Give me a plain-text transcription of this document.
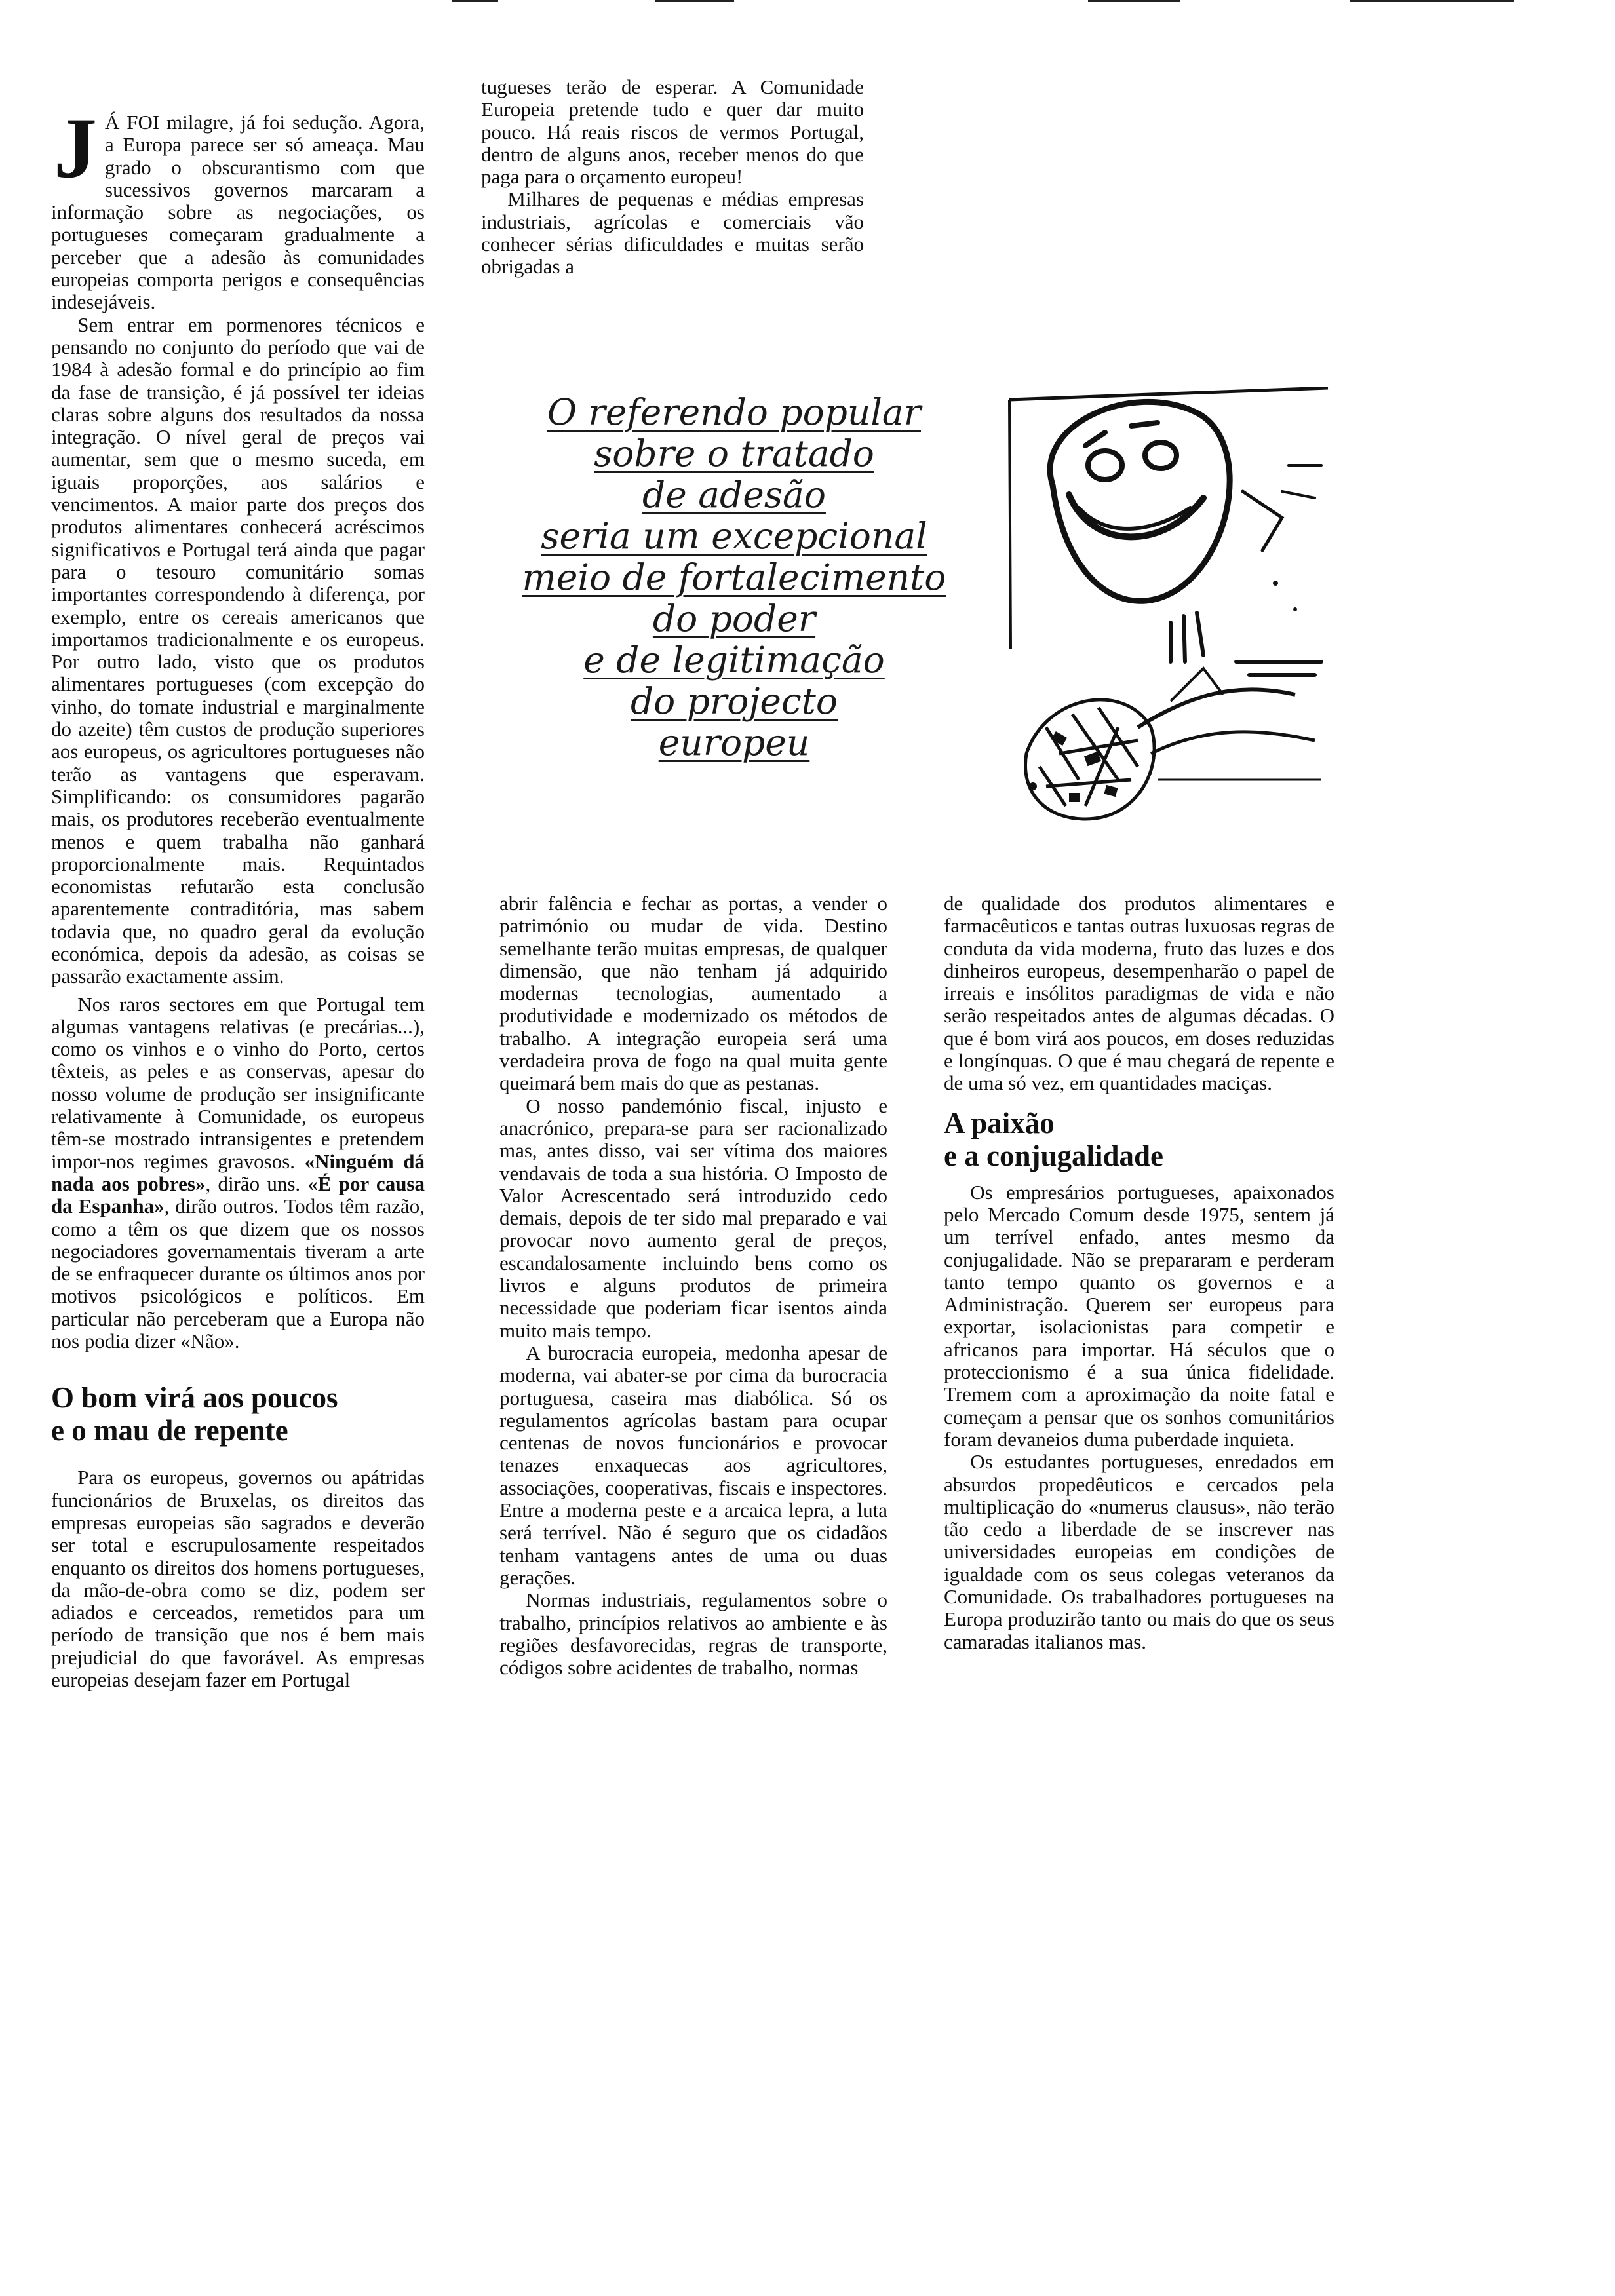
J Á FOI milagre, já foi sedução. Agora, a Europa parece ser só ameaça. Mau grado o obscurantismo com que sucessivos governos marcaram a informação sobre as negociações, os portugueses começaram gradualmente a perceber que a adesão às comunidades europeias comporta perigos e consequências indesejáveis.

Sem entrar em pormenores técnicos e pensando no conjunto do período que vai de 1984 à adesão formal e do princípio ao fim da fase de transição, é já possível ter ideias claras sobre alguns dos resultados da nossa integração. O nível geral de preços vai aumentar, sem que o mesmo suceda, em iguais proporções, aos salários e vencimentos. A maior parte dos preços dos produtos alimentares conhecerá acréscimos significativos e Portugal terá ainda que pagar para o tesouro comunitário somas importantes correspondendo à diferença, por exemplo, entre os cereais americanos que importamos tradicionalmente e os europeus. Por outro lado, visto que os produtos alimentares portugueses (com excepção do vinho, do tomate industrial e marginalmente do azeite) têm custos de produção superiores aos europeus, os agricultores portugueses não terão as vantagens que esperavam. Simplificando: os consumidores pagarão mais, os produtores receberão eventualmente menos e quem trabalha não ganhará proporcionalmente mais. Requintados economistas refutarão esta conclusão aparentemente contraditória, mas sabem todavia que, no quadro geral da evolução económica, depois da adesão, as coisas se passarão exactamente assim.

Nos raros sectores em que Portugal tem algumas vantagens relativas (e precárias...), como os vinhos e o vinho do Porto, certos têxteis, as peles e as conservas, apesar do nosso volume de produção ser insignificante relativamente à Comunidade, os europeus têm-se mostrado intransigentes e pretendem impor-nos regimes gravosos. «Ninguém dá nada aos pobres», dirão uns. «É por causa da Espanha», dirão outros. Todos têm razão, como a têm os que dizem que os nossos negociadores governamentais tiveram a arte de se enfraquecer durante os últimos anos por motivos psicológicos e políticos. Em particular não perceberam que a Europa não nos podia dizer «Não».

O bom virá aos poucos
e o mau de repente

Para os europeus, governos ou apátridas funcionários de Bruxelas, os direitos das empresas europeias são sagrados e deverão ser total e escrupulosamente respeitados enquanto os direitos dos homens portugueses, da mão-de-obra como se diz, podem ser adiados e cerceados, remetidos para um período de transição que nos é bem mais prejudicial do que favorável. As empresas europeias desejam fazer em Portugal

tugueses terão de esperar. A Comunidade Europeia pretende tudo e quer dar muito pouco. Há reais riscos de vermos Portugal, dentro de alguns anos, receber menos do que paga para o orçamento europeu!

Milhares de pequenas e médias empresas industriais, agrícolas e comerciais vão conhecer sérias dificuldades e muitas serão obrigadas a

O referendo popular
sobre o tratado
de adesão
seria um excepcional
meio de fortalecimento
do poder
e de legitimação
do projecto
europeu

abrir falência e fechar as portas, a vender o património ou mudar de vida. Destino semelhante terão muitas empresas, de qualquer dimensão, que não tenham já adquirido modernas tecnologias, aumentado a produtividade e modernizado os métodos de trabalho. A integração europeia será uma verdadeira prova de fogo na qual muita gente queimará bem mais do que as pestanas.

O nosso pandemónio fiscal, injusto e anacrónico, prepara-se para ser racionalizado mas, antes disso, vai ser vítima dos maiores vendavais de toda a sua história. O Imposto de Valor Acrescentado será introduzido cedo demais, depois de ter sido mal preparado e vai provocar novo aumento geral de preços, escandalosamente incluindo bens como os livros e alguns produtos de primeira necessidade que poderiam ficar isentos ainda muito mais tempo.

A burocracia europeia, medonha apesar de moderna, vai abater-se por cima da burocracia portuguesa, caseira mas diabólica. Só os regulamentos agrícolas bastam para ocupar centenas de novos funcionários e provocar tenazes enxaquecas aos agricultores, associações, cooperativas, fiscais e inspectores. Entre a moderna peste e a arcaica lepra, a luta será terrível. Não é seguro que os cidadãos tenham vantagens antes de uma ou duas gerações.

Normas industriais, regulamentos sobre o trabalho, princípios relativos ao ambiente e às regiões desfavorecidas, regras de transporte, códigos sobre acidentes de trabalho, normas

de qualidade dos produtos alimentares e farmacêuticos e tantas outras luxuosas regras de conduta da vida moderna, fruto das luzes e dos dinheiros europeus, desempenharão o papel de irreais e insólitos paradigmas de vida e não serão respeitados antes de algumas décadas. O que é bom virá aos poucos, em doses reduzidas e longínquas. O que é mau chegará de repente e de uma só vez, em quantidades maciças.

A paixão
e a conjugalidade

Os empresários portugueses, apaixonados pelo Mercado Comum desde 1975, sentem já um terrível enfado, antes mesmo da conjugalidade. Não se prepararam e perderam tanto tempo quanto os governos e a Administração. Querem ser europeus para exportar, isolacionistas para competir e africanos para importar. Há séculos que o proteccionismo é a sua única fidelidade. Tremem com a aproximação da noite fatal e começam a pensar que os sonhos comunitários foram devaneios duma puberdade inquieta.

Os estudantes portugueses, enredados em absurdos propedêuticos e cercados pela multiplicação do «numerus clausus», não terão tão cedo a liberdade de se inscrever nas universidades europeias em condições de igualdade com os seus colegas veteranos da Comunidade. Os trabalhadores portugueses na Europa produzirão tanto ou mais do que os seus camaradas italianos mas.
